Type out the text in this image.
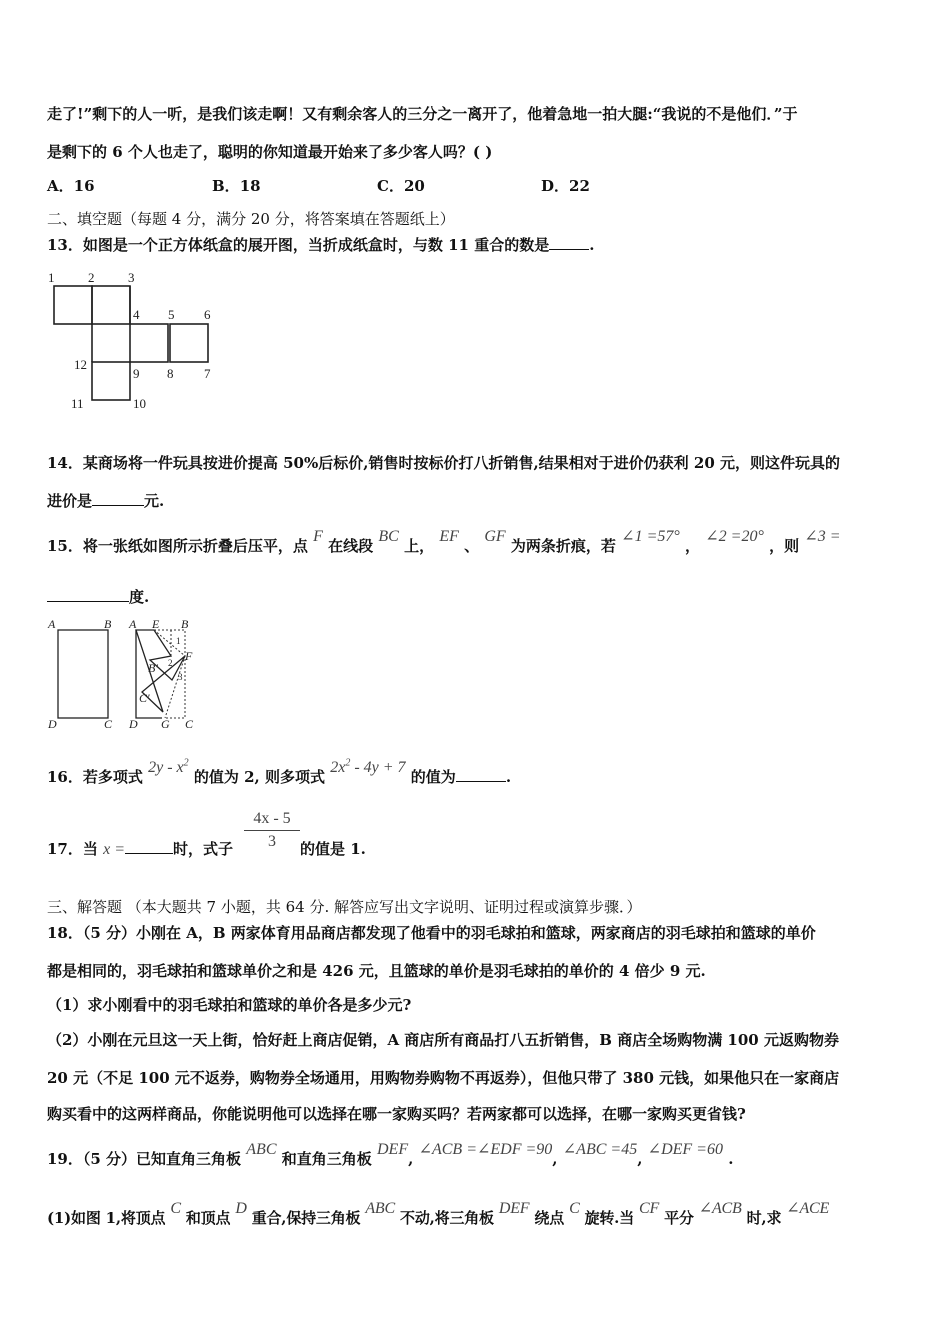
走了!”剩下的人一听，是我们该走啊！又有剩余客人的三分之一离开了，他着急地一拍大腿:“我说的不是他们．”于
是剩下的 6 个人也走了，聪明的你知道最开始来了多少客人吗？( )
A．16	B．18	C．20	D．22
二、填空题（每题 4 分，满分 20 分，将答案填在答题纸上）
13．如图是一个正方体纸盒的展开图，当折成纸盒时，与数 11 重合的数是	.
1	2	3
4 5 6
12
9 8 7
11	10
14．某商场将一件玩具按进价提高 50%后标价,销售时按标价打八折销售,结果相对于进价仍获利 20 元，则这件玩具的
进价是	元.
15．将一张纸如图所示折叠后压平，点 F 在线段 BC 上， EF 、 GF 为两条折痕，若 ∠1 =57° ， ∠2 =20° ，则 ∠3 =
度.
A	B
D	C
A E B
B′
F
C′
D G C
1
2
3
16．若多项式 $2y - x^2$ 的值为 2, 则多项式 $2x^2 - 4y + 7$ 的值为	.
17．当 x =	时，式子 $\frac{4x - 5}{3}$ 的值是 1.
三、解答题 （本大题共 7 小题，共 64 分. 解答应写出文字说明、证明过程或演算步骤．）
18．（5 分）小刚在 A，B 两家体育用品商店都发现了他看中的羽毛球拍和篮球，两家商店的羽毛球拍和篮球的单价
都是相同的，羽毛球拍和篮球单价之和是 426 元，且篮球的单价是羽毛球拍的单价的 4 倍少 9 元.
（1）求小刚看中的羽毛球拍和篮球的单价各是多少元?
（2）小刚在元旦这一天上街，恰好赶上商店促销，A 商店所有商品打八五折销售，B 商店全场购物满 100 元返购物券
20 元（不足 100 元不返券，购物券全场通用，用购物券购物不再返券），但他只带了 380 元钱，如果他只在一家商店
购买看中的这两样商品，你能说明他可以选择在哪一家购买吗？若两家都可以选择，在哪一家购买更省钱?
19．（5 分）已知直角三角板 ABC 和直角三角板 DEF, ∠ACB =∠EDF =90, ∠ABC =45, ∠DEF =60 .
(1)如图 1,将顶点 C 和顶点 D 重合,保持三角板 ABC 不动,将三角板 DEF 绕点 C 旋转.当 CF 平分 ∠ACB 时,求 ∠ACE
